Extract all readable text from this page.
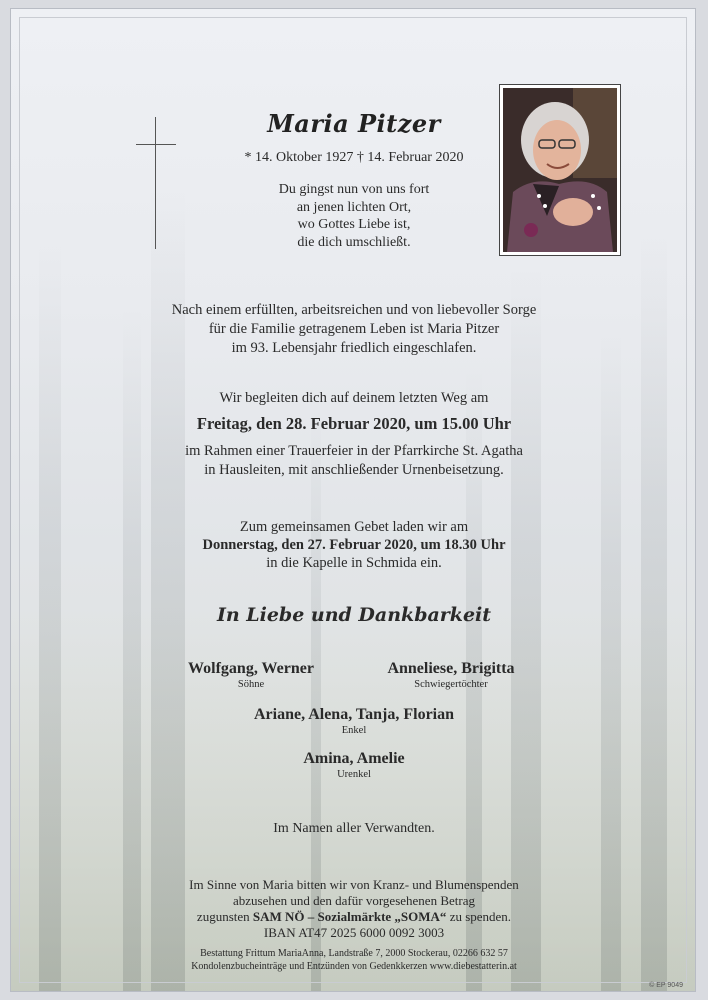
Maria Pitzer
* 14. Oktober 1927 † 14. Februar 2020
Du gingst nun von uns fort
an jenen lichten Ort,
wo Gottes Liebe ist,
die dich umschließt.
Nach einem erfüllten, arbeitsreichen und von liebevoller Sorge
für die Familie getragenem Leben ist Maria Pitzer
im 93. Lebensjahr friedlich eingeschlafen.
Wir begleiten dich auf deinem letzten Weg am
Freitag, den 28. Februar 2020, um 15.00 Uhr
im Rahmen einer Trauerfeier in der Pfarrkirche St. Agatha
in Hausleiten, mit anschließender Urnenbeisetzung.
Zum gemeinsamen Gebet laden wir am
Donnerstag, den 27. Februar 2020, um 18.30 Uhr
in die Kapelle in Schmida ein.
In Liebe und Dankbarkeit
Wolfgang, Werner
Söhne
Anneliese, Brigitta
Schwiegertöchter
Ariane, Alena, Tanja, Florian
Enkel
Amina, Amelie
Urenkel
Im Namen aller Verwandten.
Im Sinne von Maria bitten wir von Kranz- und Blumenspenden
abzusehen und den dafür vorgesehenen Betrag
zugunsten SAM NÖ – Sozialmärkte „SOMA“ zu spenden.
IBAN AT47 2025 6000 0092 3003
Bestattung Frittum MariaAnna, Landstraße 7, 2000 Stockerau, 02266 632 57
Kondolenzbucheinträge und Entzünden von Gedenkkerzen www.diebestatterin.at
© EP 9049
